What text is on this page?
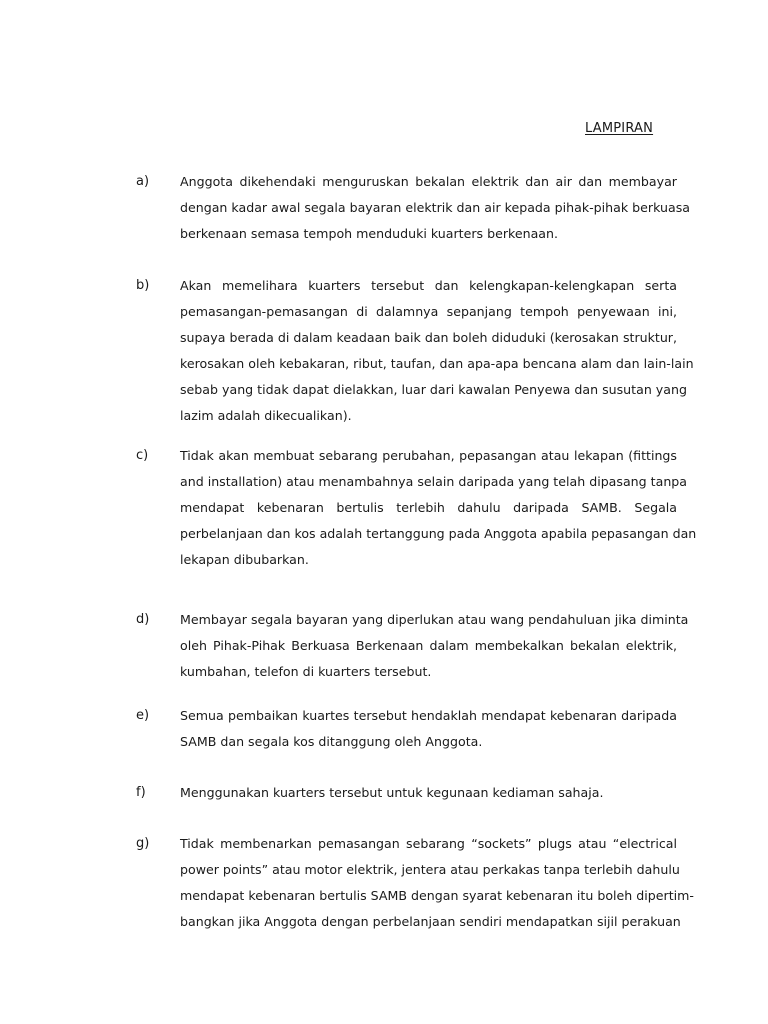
LAMPIRAN
a) Anggota dikehendaki menguruskan bekalan elektrik dan air dan membayar
dengan kadar awal segala bayaran elektrik dan air kepada pihak-pihak berkuasa
berkenaan semasa tempoh menduduki kuarters berkenaan.
b) Akan memelihara kuarters tersebut dan kelengkapan-kelengkapan serta
pemasangan-pemasangan di dalamnya sepanjang tempoh penyewaan ini,
supaya berada di dalam keadaan baik dan boleh diduduki (kerosakan struktur,
kerosakan oleh kebakaran, ribut, taufan, dan apa-apa bencana alam dan lain-lain
sebab yang tidak dapat dielakkan, luar dari kawalan Penyewa dan susutan yang
lazim adalah dikecualikan).
c)	Tidak akan membuat sebarang perubahan, pepasangan atau lekapan (fittings
and installation) atau menambahnya selain daripada yang telah dipasang tanpa
mendapat kebenaran bertulis terlebih dahulu daripada SAMB. Segala
perbelanjaan dan kos adalah tertanggung pada Anggota apabila pepasangan dan
lekapan dibubarkan.
d) Membayar segala bayaran yang diperlukan atau wang pendahuluan jika diminta
oleh Pihak-Pihak Berkuasa Berkenaan dalam membekalkan bekalan elektrik,
kumbahan, telefon di kuarters tersebut.
e) Semua pembaikan kuartes tersebut hendaklah mendapat kebenaran daripada
SAMB dan segala kos ditanggung oleh Anggota.
f)	Menggunakan kuarters tersebut untuk kegunaan kediaman sahaja.
g) Tidak membenarkan pemasangan sebarang “sockets” plugs atau “electrical
power points” atau motor elektrik, jentera atau perkakas tanpa terlebih dahulu
mendapat kebenaran bertulis SAMB dengan syarat kebenaran itu boleh dipertim-
bangkan jika Anggota dengan perbelanjaan sendiri mendapatkan sijil perakuan
